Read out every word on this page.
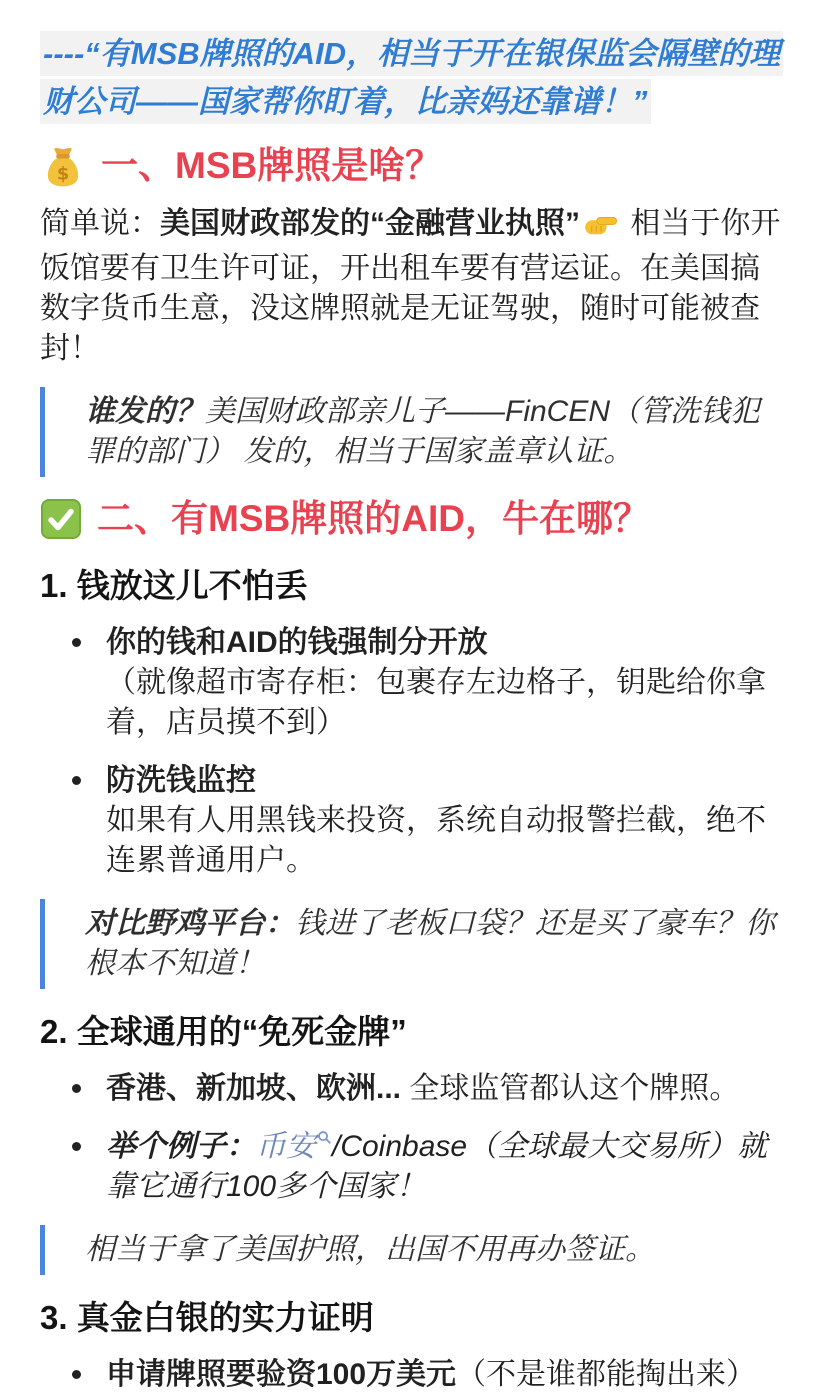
----“有MSB牌照的AID，相当于开在银保监会隔壁的理财公司——国家帮你盯着，比亲妈还靠谱！”
$ 一、MSB牌照是啥？

简单说：美国财政部发的“金融营业执照” 相当于你开饭馆要有卫生许可证，开出租车要有营运证。在美国搞数字货币生意，没这牌照就是无证驾驶，随时可能被查封！

谁发的？美国财政部亲儿子——FinCEN（管洗钱犯罪的部门） 发的，相当于国家盖章认证。
二、有MSB牌照的AID，牛在哪？
1. 钱放这儿不怕丢
你的钱和AID的钱强制分开放
（就像超市寄存柜：包裹存左边格子，钥匙给你拿着，店员摸不到）
防洗钱监控
如果有人用黑钱来投资，系统自动报警拦截，绝不连累普通用户。
对比野鸡平台：钱进了老板口袋？还是买了豪车？你根本不知道！
2. 全球通用的“免死金牌”
香港、新加坡、欧洲... 全球监管都认这个牌照。
举个例子：币安 /Coinbase（全球最大交易所）就靠它通行100多个国家！
相当于拿了美国护照，出国不用再办签证。
3. 真金白银的实力证明
申请牌照要验资100万美元（不是谁都能掏出来）
